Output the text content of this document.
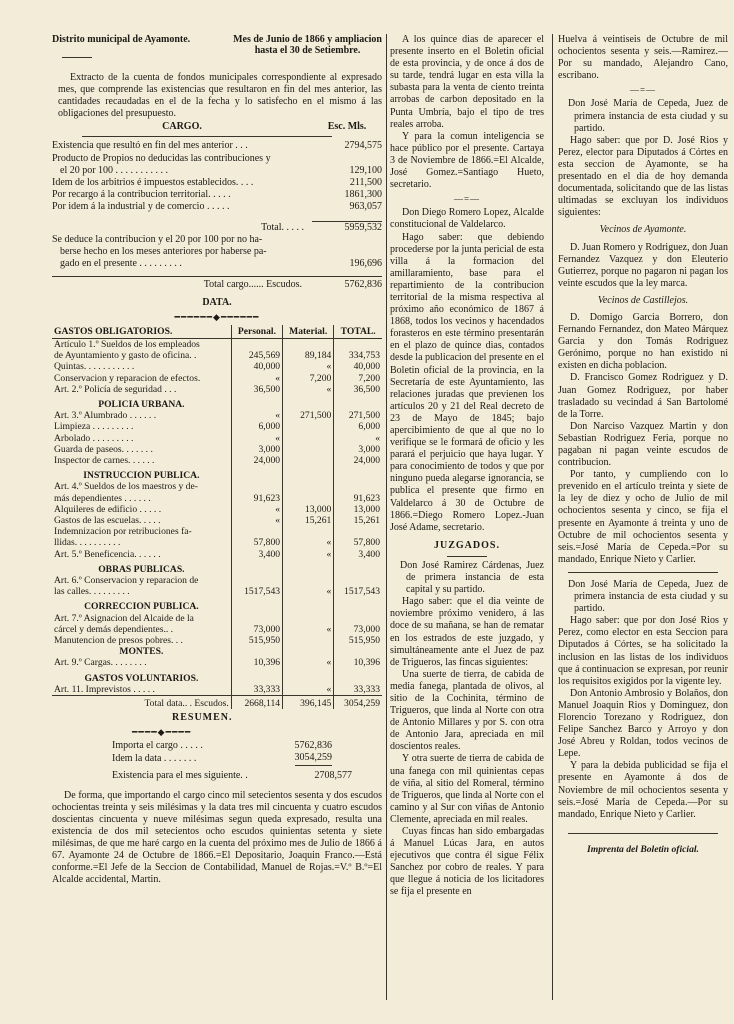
Distrito municipal de Ayamonte.	Mes de Junio de 1866 y ampliacion
hasta el 30 de Setiembre.

Extracto de la cuenta de fondos municipales correspondiente al expresado mes, que comprende las existencias que resultaron en fin del mes anterior, las cantidades recaudadas en el de la fecha y lo satisfecho en el mismo á las obligaciones del presupuesto.

CARGO.	Esc. Mls.
Existencia que resultó en fin del mes anterior . . .	2794,575
Producto de Propios no deducidas las contribuciones y
el 20 por 100 . . . . . . . . . . .	129,100
Idem de los arbitrios é impuestos establecidos. . . .	211,500
Por recargo á la contribucion territorial. . . . .	1861,300
Por idem á la industrial y de comercio . . . . .	963,057
Total. . . . .	5959,532
Se deduce la contribucion y el 20 por 100 por no ha-
berse hecho en los meses anteriores por haberse pa-
gado en el presente . . . . . . . . .	196,696
Total cargo...... Escudos.	5762,836
DATA.
━━━━━━◆━━━━━━
GASTOS OBLIGATORIOS.	Personal.	Material.	TOTAL.
Artículo 1.º Sueldos de los empleados			
de Ayuntamiento y gasto de oficina. .	245,569	89,184	334,753
Quintas. . . . . . . . . . .	40,000	«	40,000
Conservacion y reparacion de efectos.	«	7,200	7,200
Art. 2.º Policía de seguridad . . .	36,500	«	36,500
POLICIA URBANA.			
Art. 3.º Alumbrado . . . . . .	«	271,500	271,500
Limpieza . . . . . . . . .	6,000		6,000
Arbolado . . . . . . . . .	«		«
Guarda de paseos. . . . . . .	3,000		3,000
Inspector de carnes. . . . . .	24,000		24,000
INSTRUCCION PUBLICA.			
Art. 4.º Sueldos de los maestros y de-			
más dependientes . . . . . .	91,623		91,623
Alquileres de edificio . . . . .	«	13,000	13,000
Gastos de las escuelas. . . . .	«	15,261	15,261
Indemnizacion por retribuciones fa-			
llidas. . . . . . . . . .	57,800	«	57,800
Art. 5.º Beneficencia. . . . . .	3,400	«	3,400
OBRAS PUBLICAS.			
Art. 6.º Conservacion y reparacion de			
las calles. . . . . . . . .	1517,543	«	1517,543
CORRECCION PUBLICA.			
Art. 7.º Asignacion del Alcaide de la			
cárcel y demás dependientes.. .	73,000	«	73,000
Manutencion de presos pobres. . .	515,950		515,950
MONTES.			
Art. 9.º Cargas. . . . . . . .	10,396	«	10,396
GASTOS VOLUNTARIOS.			
Art. 11. Imprevistos . . . . .	33,333	«	33,333
Total data.. . Escudos.	2668,114	396,145	3054,259
RESUMEN.
━━━━◆━━━━
Importa el cargo . . . . .	5762,836
Idem la data . . . . . . .	3054,259
Existencia para el mes siguiente. .	2708,577

De forma, que importando el cargo cinco mil setecientos sesenta y dos escudos ochocientas treinta y seis milésimas y la data tres mil cincuenta y cuatro escudos doscientas cincuenta y nueve milésimas segun queda expresado, resulta una existencia de dos mil setecientos ocho escudos quinientas setenta y siete milésimas, de que me haré cargo en la cuenta del próximo mes de Julio de 1866 á 67. Ayamonte 24 de Octubre de 1866.=El Depositario, Joaquin Franco.—Está conforme.=El Jefe de la Seccion de Contabilidad, Manuel de Rojas.=V.º B.º=El Alcalde accidental, Martin.

A los quince dias de aparecer el presente inserto en el Boletin oficial de esta provincia, y de once á dos de su tarde, tendrá lugar en esta villa la subasta para la venta de ciento treinta arrobas de carbon depositado en la Punta Umbría, bajo el tipo de tres reales arroba.

Y para la comun inteligencia se hace público por el presente. Cartaya 3 de Noviembre de 1866.=El Alcalde, José Gomez.=Santiago Hueto, secretario.

—=—

Don Diego Romero Lopez, Alcalde constitucional de Valdelarco.

Hago saber: que debiendo procederse por la junta pericial de esta villa á la formacion del amillaramiento, base para el repartimiento de la contribucion territorial de la misma respectiva al próximo año económico de 1867 á 1868, todos los vecinos y hacendados forasteros en este término presentarán en el plazo de quince dias, contados desde la publicacion del presente en el Boletin oficial de la provincia, en la Secretaría de este Ayuntamiento, las relaciones juradas que previenen los artículos 20 y 21 del Real decreto de 23 de Mayo de 1845; bajo apercibimiento de que al que no lo verifique se le formará de oficio y les parará el perjuicio que haya lugar. Y para conocimiento de todos y que por ninguno pueda alegarse ignorancia, se publica el presente que firmo en Valdelarco á 30 de Octubre de 1866.=Diego Romero Lopez.-Juan José Adame, secretario.

JUZGADOS.

Don José Ramirez Cárdenas, Juez de primera instancia de esta capital y su partido.

Hago saber: que el dia veinte de noviembre próximo venidero, á las doce de su mañana, se han de rematar en los estrados de este juzgado, y simultáneamente ante el Juez de paz de Trigueros, las fincas siguientes:

Una suerte de tierra, de cabida de media fanega, plantada de olivos, al sitio de la Cochinita, término de Trigueros, que linda al Norte con otra de Antonio Millares y por S. con otra de Antonio Jara, apreciada en mil doscientos reales.

Y otra suerte de tierra de cabida de una fanega con mil quinientas cepas de viña, al sitio del Romeral, término de Trigueros, que linda al Norte con el camino y al Sur con viñas de Antonio Clemente, apreciada en mil reales.

Cuyas fincas han sido embargadas á Manuel Lúcas Jara, en autos ejecutivos que contra él sigue Félix Sanchez por cobro de reales. Y para que llegue á noticia de los licitadores se fija el presente en

Huelva á veintiseis de Octubre de mil ochocientos sesenta y seis.—Ramirez.—Por su mandado, Alejandro Cano, escribano.

—=—

Don José María de Cepeda, Juez de primera instancia de esta ciudad y su partido.

Hago saber: que por D. José Rios y Perez, elector para Diputados á Córtes en esta seccion de Ayamonte, se ha presentado en el dia de hoy demanda documentada, solicitando que de las listas ultimadas se excluyan los individuos siguientes:

Vecinos de Ayamonte.

D. Juan Romero y Rodriguez, don Juan Fernandez Vazquez y don Eleuterio Gutierrez, porque no pagaron ni pagan los veinte escudos que la ley marca.

Vecinos de Castillejos.

D. Domigo Garcia Borrero, don Fernando Fernandez, don Mateo Márquez Garcia y don Tomás Rodriguez Gerónimo, porque no han existido ni existen en dicha poblacion.

D. Francisco Gomez Rodriguez y D. Juan Gomez Rodriguez, por haber trasladado su vecindad á San Bartolomé de la Torre.

Don Narciso Vazquez Martin y don Sebastian Rodriguez Feria, porque no pagaban ni pagan veinte escudos de contribucion.

Por tanto, y cumpliendo con lo prevenido en el artículo treinta y siete de la ley de diez y ocho de Julio de mil ochocientos sesenta y cinco, se fija el presente en Ayamonte á treinta y uno de Octubre de mil ochocientos sesenta y seis.=José María de Cepeda.=Por su mandado, Enrique Nieto y Carlier.

Don José María de Cepeda, Juez de primera instancia de esta ciudad y su partido.

Hago saber: que por don José Rios y Perez, como elector en esta Seccion para Diputados á Córtes, se ha solicitado la inclusion en las listas de los individuos que á continuacion se expresan, por reunir los requisitos exigidos por la vigente ley.

Don Antonio Ambrosio y Bolaños, don Manuel Joaquin Rios y Dominguez, don Florencio Torezano y Rodriguez, don Felipe Sanchez Barco y Arroyo y don José Abreu y Roldan, todos vecinos de Lepe.

Y para la debida publicidad se fija el presente en Ayamonte á dos de Noviembre de mil ochocientos sesenta y seis.=José María de Cepeda.—Por su mandado, Enrique Nieto y Carlier.

Imprenta del Boletin oficial.
